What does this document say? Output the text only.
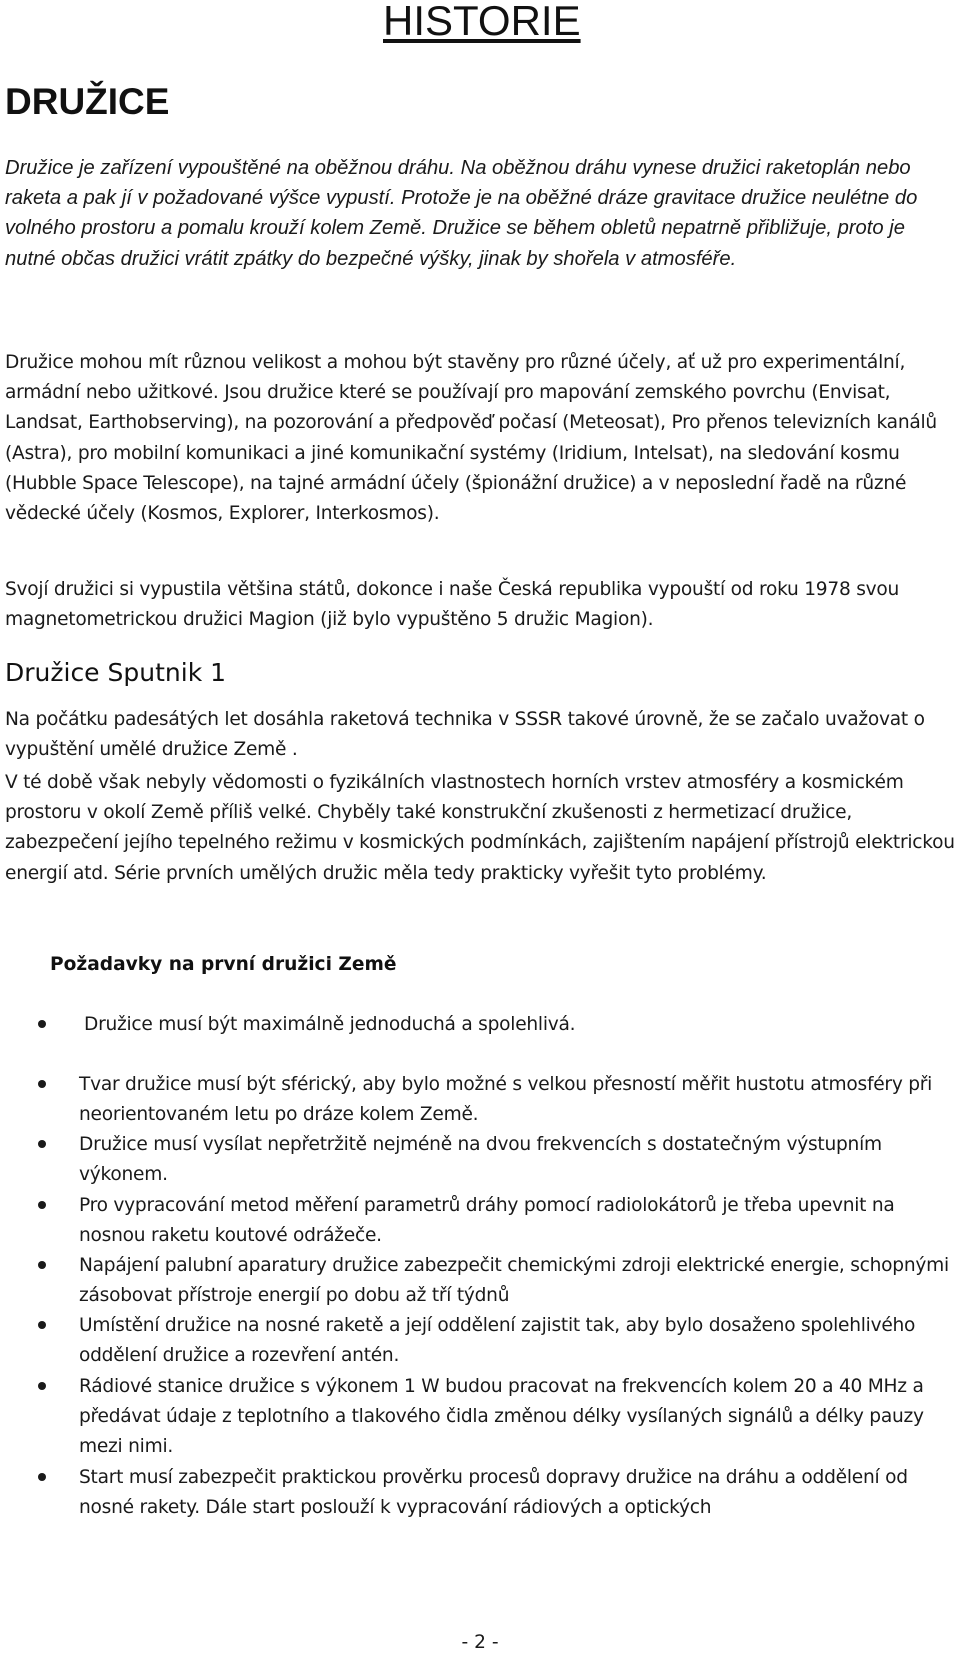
HISTORIE
DRUŽICE

Družice je zařízení vypouštěné na oběžnou dráhu. Na oběžnou dráhu vynese družici raketoplán nebo raketa a pak jí v požadované výšce vypustí. Protože je na oběžné dráze gravitace družice neulétne do volného prostoru a pomalu krouží kolem Země. Družice se během obletů nepatrně přibližuje, proto je nutné občas družici vrátit zpátky do bezpečné výšky, jinak by shořela v atmosféře.

Družice mohou mít různou velikost a mohou být stavěny pro různé účely, ať už pro experimentální, armádní nebo užitkové. Jsou družice které se používají pro mapování zemského povrchu (Envisat, Landsat, Earthobserving), na pozorování a předpověď počasí (Meteosat), Pro přenos televizních kanálů (Astra), pro mobilní komunikaci a jiné komunikační systémy (Iridium, Intelsat), na sledování kosmu (Hubble Space Telescope), na tajné armádní účely (špionážní družice) a v neposlední řadě na různé vědecké účely (Kosmos, Explorer, Interkosmos).

Svojí družici si vypustila většina států, dokonce i naše Česká republika vypouští od roku 1978 svou magnetometrickou družici Magion (již bylo vypuštěno 5 družic Magion).

Družice Sputnik 1

Na počátku padesátých let dosáhla raketová technika v SSSR takové úrovně, že se začalo uvažovat o vypuštění umělé družice Země .

V té době však nebyly vědomosti o fyzikálních vlastnostech horních vrstev atmosféry a kosmickém prostoru v okolí Země příliš velké. Chyběly také konstrukční zkušenosti z hermetizací družice, zabezpečení jejího tepelného režimu v kosmických podmínkách, zajištením napájení přístrojů elektrickou energií atd. Série prvních umělých družic měla tedy prakticky vyřešit tyto problémy.

Požadavky na první družici Země

Družice musí být maximálně jednoduchá a spolehlivá.

Tvar družice musí být sférický, aby bylo možné s velkou přesností měřit hustotu atmosféry při neorientovaném letu po dráze kolem Země.

Družice musí vysílat nepřetržitě nejméně na dvou frekvencích s dostatečným výstupním výkonem.

Pro vypracování metod měření parametrů dráhy pomocí radiolokátorů je třeba upevnit na nosnou raketu koutové odrážeče.

Napájení palubní aparatury družice zabezpečit chemickými zdroji elektrické energie, schopnými zásobovat přístroje energií po dobu až tří týdnů

Umístění družice na nosné raketě a její oddělení zajistit tak, aby bylo dosaženo spolehlivého oddělení družice a rozevření antén.

Rádiové stanice družice s výkonem 1 W budou pracovat na frekvencích kolem 20 a 40 MHz a předávat údaje z teplotního a tlakového čidla změnou délky vysílaných signálů a délky pauzy mezi nimi.

Start musí zabezpečit praktickou prověrku procesů dopravy družice na dráhu a oddělení od nosné rakety. Dále start poslouží k vypracování rádiových a optických

- 2 -
